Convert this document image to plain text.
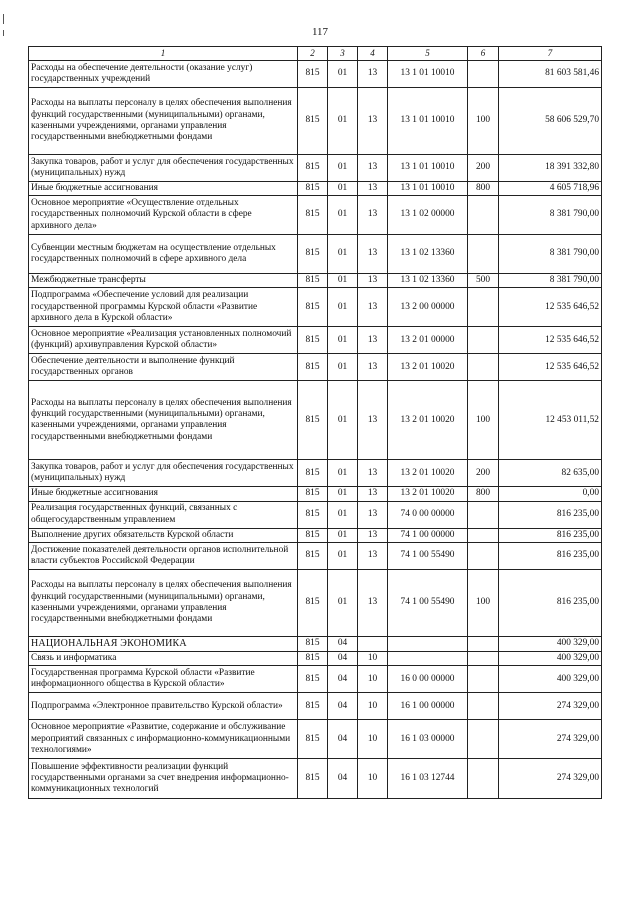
117
1	2	3	4	5	6	7
Расходы на обеспечение деятельности (оказание услуг) государственных учреждений	815	01	13	13 1 01 10010		81 603 581,46
Расходы на выплаты персоналу в целях обеспечения выполнения функций государственными (муниципальными) органами, казенными учреждениями, органами управления государственными внебюджетными фондами	815	01	13	13 1 01 10010	100	58 606 529,70
Закупка товаров, работ и услуг для обеспечения государственных (муниципальных) нужд	815	01	13	13 1 01 10010	200	18 391 332,80
Иные бюджетные ассигнования	815	01	13	13 1 01 10010	800	4 605 718,96
Основное мероприятие «Осуществление отдельных государственных полномочий Курской области в сфере архивного дела»	815	01	13	13 1 02 00000		8 381 790,00
Субвенции местным бюджетам на осуществление отдельных государственных полномочий в сфере архивного дела	815	01	13	13 1 02 13360		8 381 790,00
Межбюджетные трансферты	815	01	13	13 1 02 13360	500	8 381 790,00
Подпрограмма «Обеспечение условий для реализации государственной программы Курской области «Развитие архивного дела в Курской области»	815	01	13	13 2 00 00000		12 535 646,52
Основное мероприятие «Реализация установленных полномочий (функций) архивуправления Курской области»	815	01	13	13 2 01 00000		12 535 646,52
Обеспечение деятельности и выполнение функций государственных органов	815	01	13	13 2 01 10020		12 535 646,52
Расходы на выплаты персоналу в целях обеспечения выполнения функций государственными (муниципальными) органами, казенными учреждениями, органами управления государственными внебюджетными фондами	815	01	13	13 2 01 10020	100	12 453 011,52
Закупка товаров, работ и услуг для обеспечения государственных (муниципальных) нужд	815	01	13	13 2 01 10020	200	82 635,00
Иные бюджетные ассигнования	815	01	13	13 2 01 10020	800	0,00
Реализация государственных функций, связанных с общегосударственным управлением	815	01	13	74 0 00 00000		816 235,00
Выполнение других обязательств Курской области	815	01	13	74 1 00 00000		816 235,00
Достижение показателей деятельности органов исполнительной власти субъектов Российской Федерации	815	01	13	74 1 00 55490		816 235,00
Расходы на выплаты персоналу в целях обеспечения выполнения функций государственными (муниципальными) органами, казенными учреждениями, органами управления государственными внебюджетными фондами	815	01	13	74 1 00 55490	100	816 235,00
НАЦИОНАЛЬНАЯ ЭКОНОМИКА	815	04				400 329,00
Связь и информатика	815	04	10			400 329,00
Государственная программа Курской области «Развитие информационного общества в Курской области»	815	04	10	16 0 00 00000		400 329,00
Подпрограмма «Электронное правительство Курской области»	815	04	10	16 1 00 00000		274 329,00
Основное мероприятие «Развитие, содержание и обслуживание мероприятий связанных с информационно-коммуникационными технологиями»	815	04	10	16 1 03 00000		274 329,00
Повышение эффективности реализации функций государственными органами за счет внедрения информационно-коммуникационных технологий	815	04	10	16 1 03 12744		274 329,00
